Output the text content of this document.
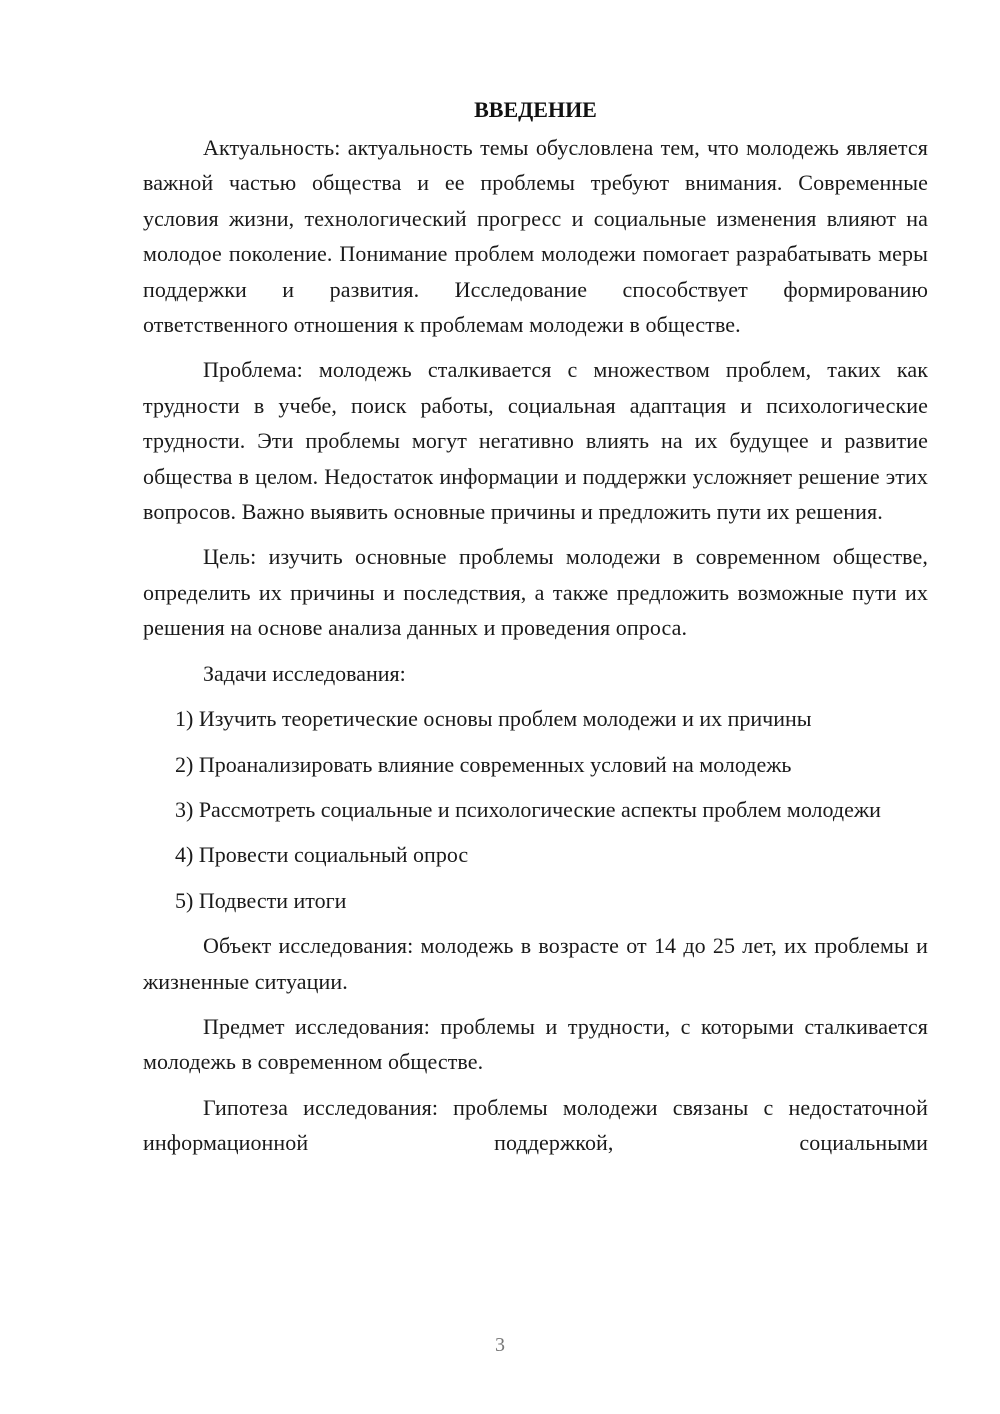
ВВЕДЕНИЕ

Актуальность: актуальность темы обусловлена тем, что молодежь является важной частью общества и ее проблемы требуют внимания. Современные условия жизни, технологический прогресс и социальные изменения влияют на молодое поколение. Понимание проблем молодежи помогает разрабатывать меры поддержки и развития. Исследование способствует формированию ответственного отношения к проблемам молодежи в обществе.

Проблема: молодежь сталкивается с множеством проблем, таких как трудности в учебе, поиск работы, социальная адаптация и психологические трудности. Эти проблемы могут негативно влиять на их будущее и развитие общества в целом. Недостаток информации и поддержки усложняет решение этих вопросов. Важно выявить основные причины и предложить пути их решения.

Цель: изучить основные проблемы молодежи в современном обществе, определить их причины и последствия, а также предложить возможные пути их решения на основе анализа данных и проведения опроса.

Задачи исследования:

1) Изучить теоретические основы проблем молодежи и их причины

2) Проанализировать влияние современных условий на молодежь

3) Рассмотреть социальные и психологические аспекты проблем молодежи

4) Провести социальный опрос

5) Подвести итоги

Объект исследования: молодежь в возрасте от 14 до 25 лет, их проблемы и жизненные ситуации.

Предмет исследования: проблемы и трудности, с которыми сталкивается молодежь в современном обществе.

Гипотеза исследования: проблемы молодежи связаны с недостаточной информационной поддержкой, социальными

3
